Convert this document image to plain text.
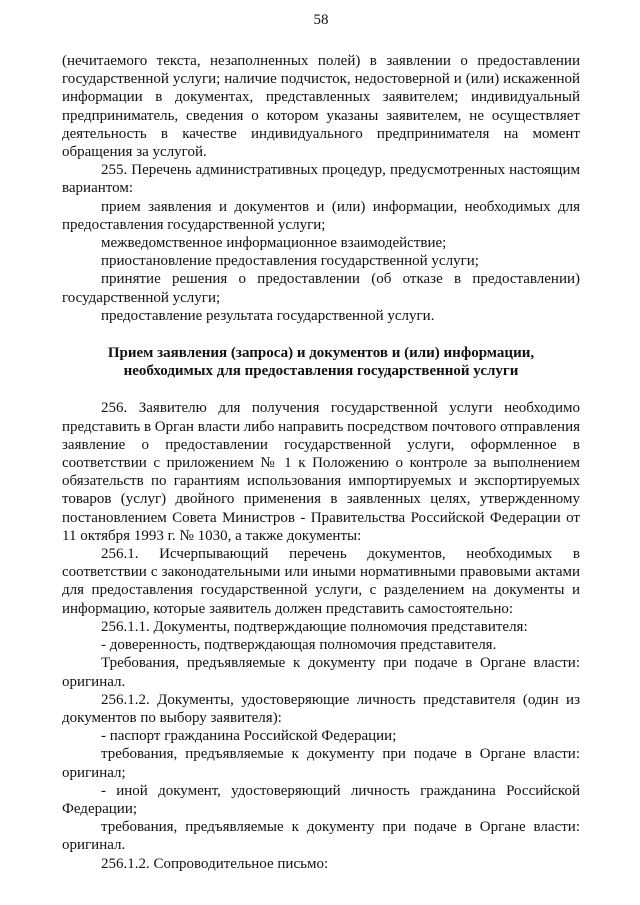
58

(нечитаемого текста, незаполненных полей) в заявлении о предоставлении государственной услуги; наличие подчисток, недостоверной и (или) искаженной информации в документах, представленных заявителем; индивидуальный предприниматель, сведения о котором указаны заявителем, не осуществляет деятельность в качестве индивидуального предпринимателя на момент обращения за услугой.

255. Перечень административных процедур, предусмотренных настоящим вариантом:

прием заявления и документов и (или) информации, необходимых для предоставления государственной услуги;

межведомственное информационное взаимодействие;

приостановление предоставления государственной услуги;

принятие решения о предоставлении (об отказе в предоставлении) государственной услуги;

предоставление результата государственной услуги.

Прием заявления (запроса) и документов и (или) информации,
необходимых для предоставления государственной услуги

256. Заявителю для получения государственной услуги необходимо представить в Орган власти либо направить посредством почтового отправления заявление о предоставлении государственной услуги, оформленное в соответствии с приложением № 1 к Положению о контроле за выполнением обязательств по гарантиям использования импортируемых и экспортируемых товаров (услуг) двойного применения в заявленных целях, утвержденному постановлением Совета Министров - Правительства Российской Федерации от 11 октября 1993 г. № 1030, а также документы:

256.1. Исчерпывающий перечень документов, необходимых в соответствии с законодательными или иными нормативными правовыми актами для предоставления государственной услуги, с разделением на документы и информацию, которые заявитель должен представить самостоятельно:

256.1.1. Документы, подтверждающие полномочия представителя:

- доверенность, подтверждающая полномочия представителя.

Требования, предъявляемые к документу при подаче в Органе власти: оригинал.

256.1.2. Документы, удостоверяющие личность представителя (один из документов по выбору заявителя):

- паспорт гражданина Российской Федерации;

требования, предъявляемые к документу при подаче в Органе власти: оригинал;

- иной документ, удостоверяющий личность гражданина Российской Федерации;

требования, предъявляемые к документу при подаче в Органе власти: оригинал.

256.1.2. Сопроводительное письмо:
